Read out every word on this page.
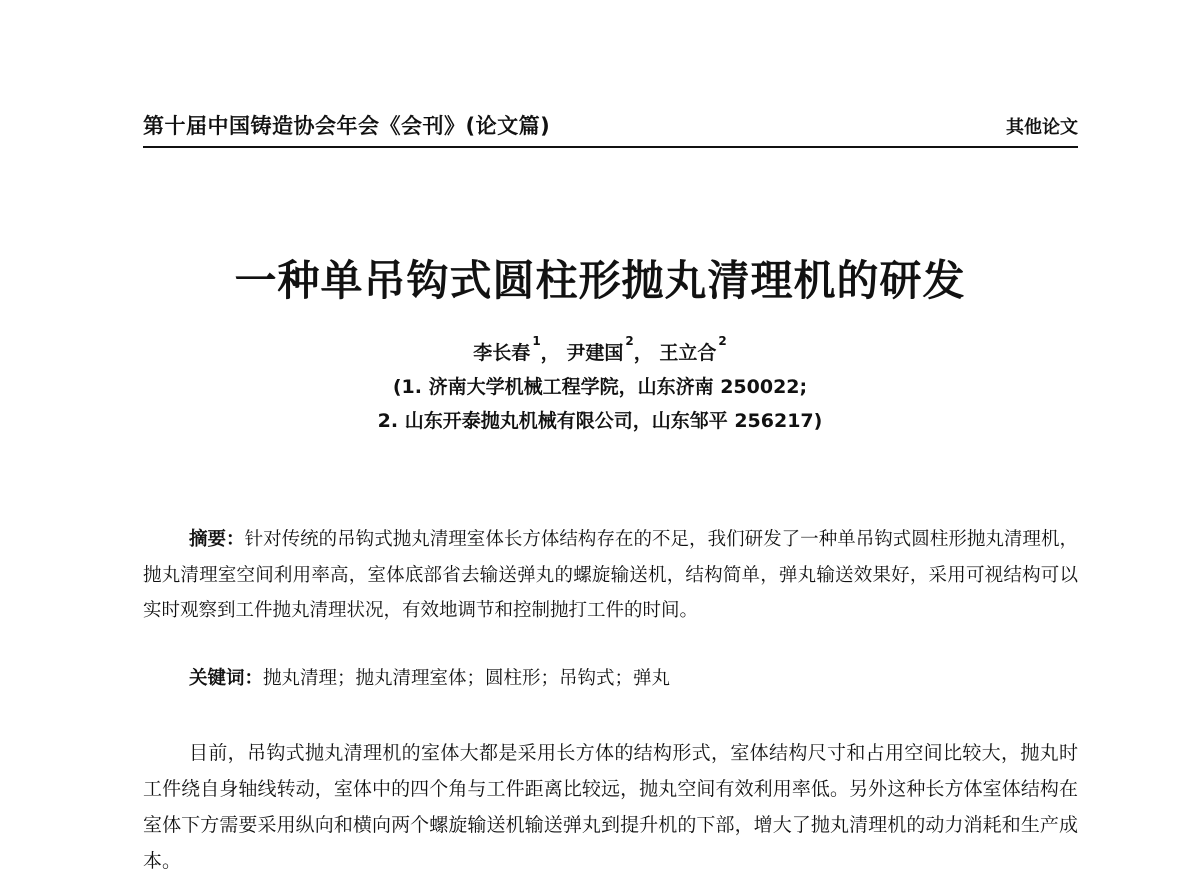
第十届中国铸造协会年会《会刊》(论文篇)	其他论文
一种单吊钩式圆柱形抛丸清理机的研发
李长春$^1$， 尹建国$^2$， 王立合$^2$
(1. 济南大学机械工程学院，山东济南 250022;
2. 山东开泰抛丸机械有限公司，山东邹平 256217)
摘要：针对传统的吊钩式抛丸清理室体长方体结构存在的不足，我们研发了一种单吊钩式圆柱形抛丸清理机，抛丸清理室空间利用率高，室体底部省去输送弹丸的螺旋输送机，结构简单，弹丸输送效果好，采用可视结构可以实时观察到工件抛丸清理状况，有效地调节和控制抛打工件的时间。
关键词：抛丸清理；抛丸清理室体；圆柱形；吊钩式；弹丸
目前，吊钩式抛丸清理机的室体大都是采用长方体的结构形式，室体结构尺寸和占用空间比较大，抛丸时工件绕自身轴线转动，室体中的四个角与工件距离比较远，抛丸空间有效利用率低。另外这种长方体室体结构在室体下方需要采用纵向和横向两个螺旋输送机输送弹丸到提升机的下部，增大了抛丸清理机的动力消耗和生产成本。
